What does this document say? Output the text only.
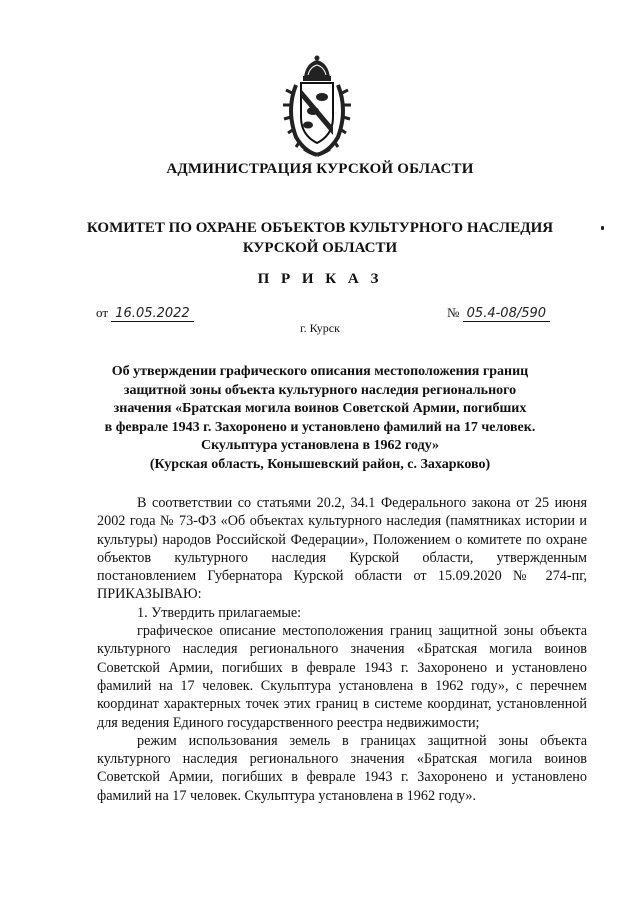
АДМИНИСТРАЦИЯ КУРСКОЙ ОБЛАСТИ
КОМИТЕТ ПО ОХРАНЕ ОБЪЕКТОВ КУЛЬТУРНОГО НАСЛЕДИЯ
КУРСКОЙ ОБЛАСТИ
П Р И К А З
от 16.05.2022	№ 05.4-08/590
г. Курск
Об утверждении графического описания местоположения границ
защитной зоны объекта культурного наследия регионального
значения «Братская могила воинов Советской Армии, погибших
в феврале 1943 г. Захоронено и установлено фамилий на 17 человек.
Скульптура установлена в 1962 году»
(Курская область, Конышевский район, с. Захарково)

В соответствии со статьями 20.2, 34.1 Федерального закона от 25 июня 2002 года № 73-ФЗ «Об объектах культурного наследия (памятниках истории и культуры) народов Российской Федерации», Положением о комитете по охране объектов культурного наследия Курской области, утвержденным постановлением Губернатора Курской области от 15.09.2020 № 274-пг, ПРИКАЗЫВАЮ:

1. Утвердить прилагаемые:

графическое описание местоположения границ защитной зоны объекта культурного наследия регионального значения «Братская могила воинов Советской Армии, погибших в феврале 1943 г. Захоронено и установлено фамилий на 17 человек. Скульптура установлена в 1962 году», с перечнем координат характерных точек этих границ в системе координат, установленной для ведения Единого государственного реестра недвижимости;

режим использования земель в границах защитной зоны объекта культурного наследия регионального значения «Братская могила воинов Советской Армии, погибших в феврале 1943 г. Захоронено и установлено фамилий на 17 человек. Скульптура установлена в 1962 году».
